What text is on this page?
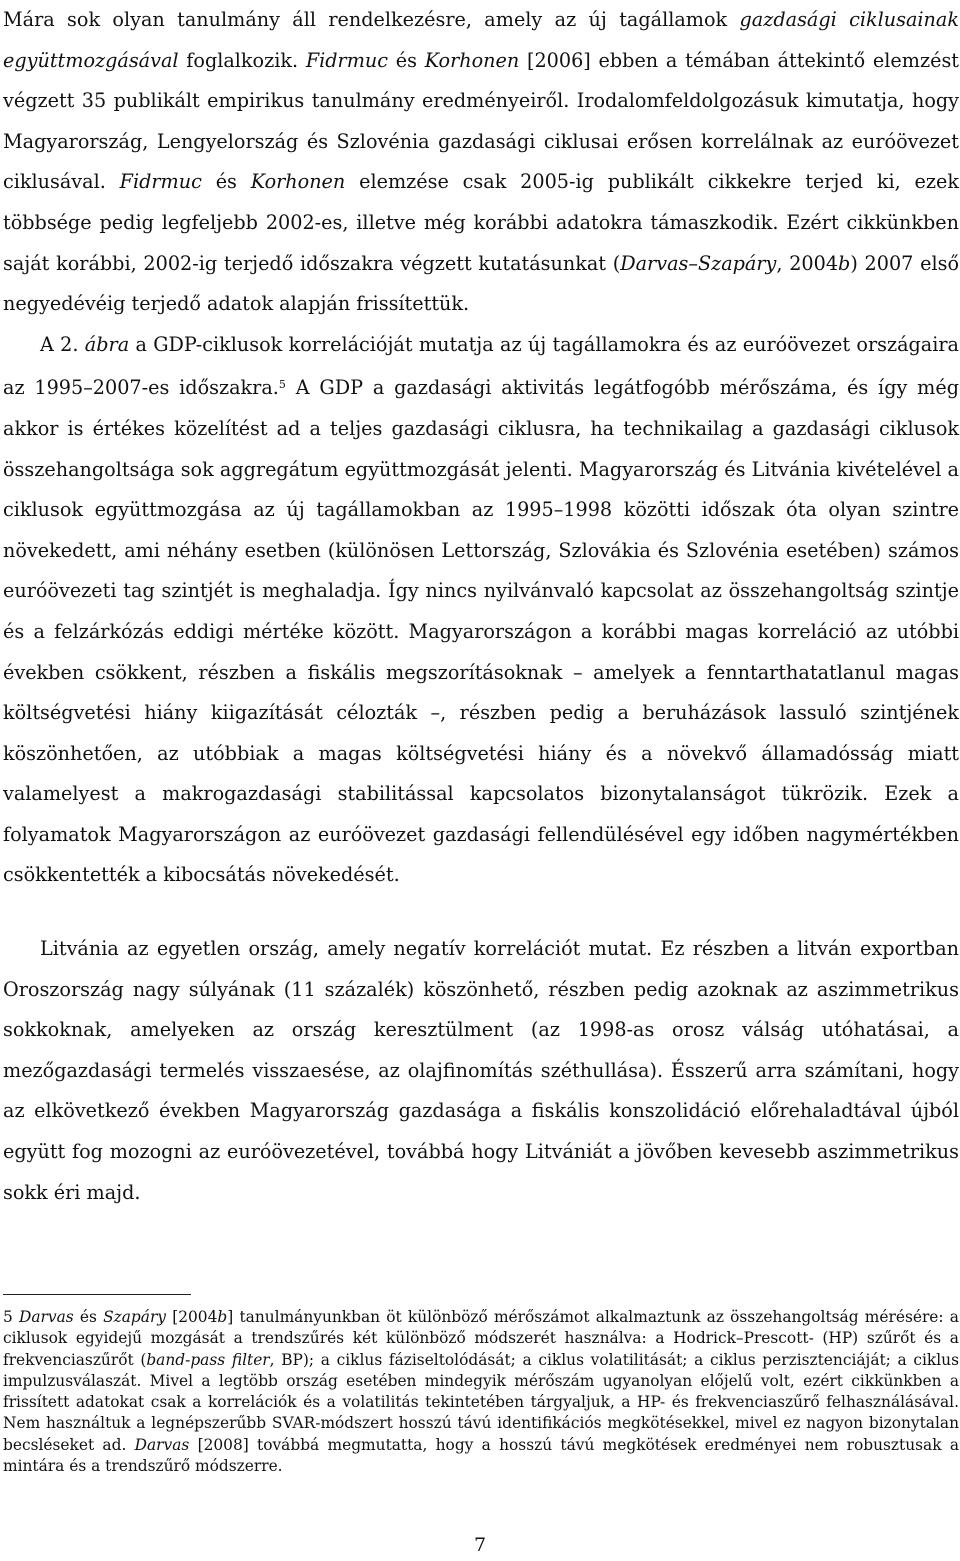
Mára sok olyan tanulmány áll rendelkezésre, amely az új tagállamok gazdasági ciklusainak együttmozgásával foglalkozik. Fidrmuc és Korhonen [2006] ebben a témában áttekintő elemzést végzett 35 publikált empirikus tanulmány eredményeiről. Irodalomfeldolgozásuk kimutatja, hogy Magyarország, Lengyelország és Szlovénia gazdasági ciklusai erősen korrelálnak az euróövezet ciklusával. Fidrmuc és Korhonen elemzése csak 2005-ig publikált cikkekre terjed ki, ezek többsége pedig legfeljebb 2002-es, illetve még korábbi adatokra támaszkodik. Ezért cikkünkben saját korábbi, 2002-ig terjedő időszakra végzett kutatásunkat (Darvas–Szapáry, 2004b) 2007 első negyedévéig terjedő adatok alapján frissítettük.

A 2. ábra a GDP-ciklusok korrelációját mutatja az új tagállamokra és az euróövezet országaira az 1995–2007-es időszakra.$^5$ A GDP a gazdasági aktivitás legátfogóbb mérőszáma, és így még akkor is értékes közelítést ad a teljes gazdasági ciklusra, ha technikailag a gazdasági ciklusok összehangoltsága sok aggregátum együttmozgását jelenti. Magyarország és Litvánia kivételével a ciklusok együttmozgása az új tagállamokban az 1995–1998 közötti időszak óta olyan szintre növekedett, ami néhány esetben (különösen Lettország, Szlovákia és Szlovénia esetében) számos euróövezeti tag szintjét is meghaladja. Így nincs nyilvánvaló kapcsolat az összehangoltság szintje és a felzárkózás eddigi mértéke között. Magyarországon a korábbi magas korreláció az utóbbi években csökkent, részben a fiskális megszorításoknak – amelyek a fenntarthatatlanul magas költségvetési hiány kiigazítását célozták –, részben pedig a beruházások lassuló szintjének köszönhetően, az utóbbiak a magas költségvetési hiány és a növekvő államadósság miatt valamelyest a makrogazdasági stabilitással kapcsolatos bizonytalanságot tükrözik. Ezek a folyamatok Magyarországon az euróövezet gazdasági fellendülésével egy időben nagymértékben csökkentették a kibocsátás növekedését.

Litvánia az egyetlen ország, amely negatív korrelációt mutat. Ez részben a litván exportban Oroszország nagy súlyának (11 százalék) köszönhető, részben pedig azoknak az aszimmetrikus sokkoknak, amelyeken az ország keresztülment (az 1998-as orosz válság utóhatásai, a mezőgazdasági termelés visszaesése, az olajfinomítás széthullása). Ésszerű arra számítani, hogy az elkövetkező években Magyarország gazdasága a fiskális konszolidáció előrehaladtával újból együtt fog mozogni az euróövezetével, továbbá hogy Litvániát a jövőben kevesebb aszimmetrikus sokk éri majd.

5 Darvas és Szapáry [2004b] tanulmányunkban öt különböző mérőszámot alkalmaztunk az összehangoltság mérésére: a ciklusok egyidejű mozgását a trendszűrés két különböző módszerét használva: a Hodrick–Prescott- (HP) szűrőt és a frekvenciaszűrőt (band-pass filter, BP); a ciklus fáziseltolódását; a ciklus volatilitását; a ciklus perzisztenciáját; a ciklus impulzusválaszát. Mivel a legtöbb ország esetében mindegyik mérőszám ugyanolyan előjelű volt, ezért cikkünkben a frissített adatokat csak a korrelációk és a volatilitás tekintetében tárgyaljuk, a HP- és frekvenciaszűrő felhasználásával. Nem használtuk a legnépszerűbb SVAR-módszert hosszú távú identifikációs megkötésekkel, mivel ez nagyon bizonytalan becsléseket ad. Darvas [2008] továbbá megmutatta, hogy a hosszú távú megkötések eredményei nem robusztusak a mintára és a trendszűrő módszerre.

7
